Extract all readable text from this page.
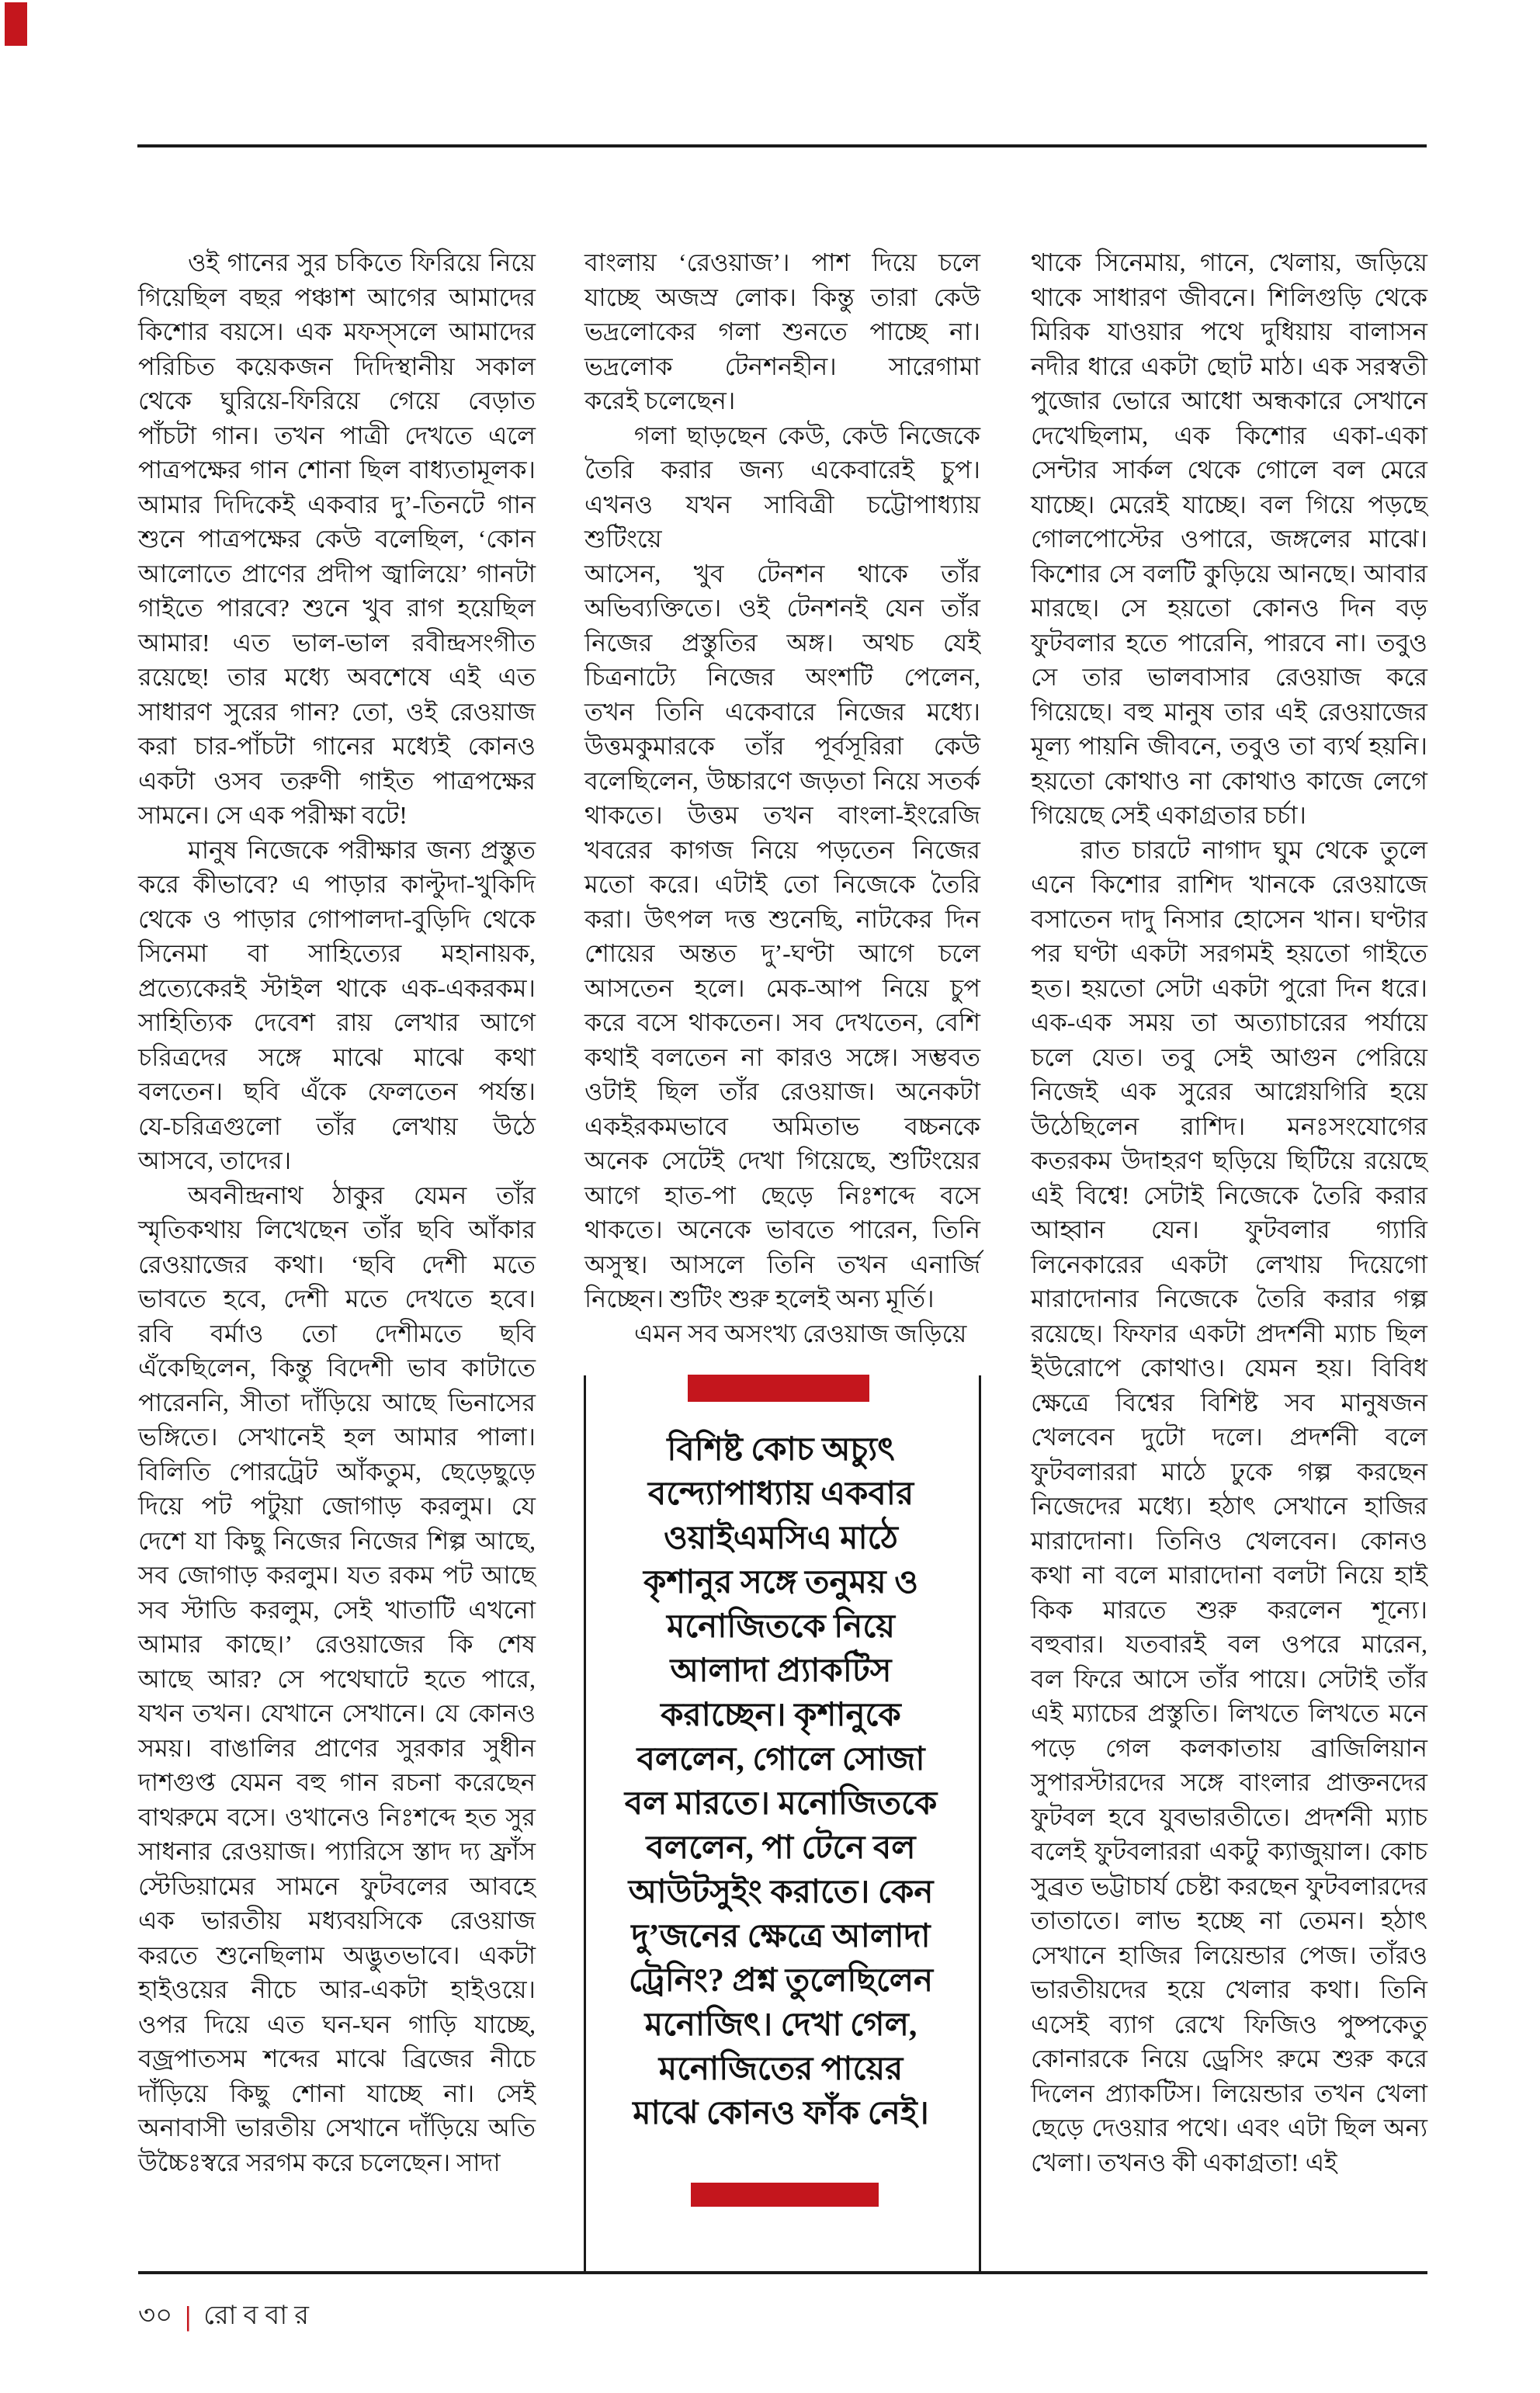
  ওই গানের সুর চকিতে ফিরিয়ে নিয়ে
গিয়েছিল বছর পঞ্চাশ আগের আমাদের
কিশোর বয়সে। এক মফস্সলে আমাদের
পরিচিত কয়েকজন দিদিস্থানীয় সকাল
থেকে ঘুরিয়ে-ফিরিয়ে গেয়ে বেড়াত
পাঁচটা গান। তখন পাত্রী দেখতে এলে
পাত্রপক্ষের গান শোনা ছিল বাধ্যতামূলক।
আমার দিদিকেই একবার দু’-তিনটে গান
শুনে পাত্রপক্ষের কেউ বলেছিল, ‘কোন
আলোতে প্রাণের প্রদীপ জ্বালিয়ে’ গানটা
গাইতে পারবে? শুনে খুব রাগ হয়েছিল
আমার! এত ভাল-ভাল রবীন্দ্রসংগীত
রয়েছে! তার মধ্যে অবশেষে এই এত
সাধারণ সুরের গান? তো, ওই রেওয়াজ
করা চার-পাঁচটা গানের মধ্যেই কোনও
একটা ওসব তরুণী গাইত পাত্রপক্ষের
সামনে। সে এক পরীক্ষা বটে!
  মানুষ নিজেকে পরীক্ষার জন্য প্রস্তুত
করে কীভাবে? এ পাড়ার কাল্টুদা-খুকিদি
থেকে ও পাড়ার গোপালদা-বুড়িদি থেকে
সিনেমা বা সাহিত্যের মহানায়ক,
প্রত্যেকেরই স্টাইল থাকে এক-একরকম।
সাহিত্যিক দেবেশ রায় লেখার আগে
চরিত্রদের সঙ্গে মাঝে মাঝে কথা
বলতেন। ছবি এঁকে ফেলতেন পর্যন্ত।
যে-চরিত্রগুলো তাঁর লেখায় উঠে
আসবে, তাদের।
  অবনীন্দ্রনাথ ঠাকুর যেমন তাঁর
স্মৃতিকথায় লিখেছেন তাঁর ছবি আঁকার
রেওয়াজের কথা। ‘ছবি দেশী মতে
ভাবতে হবে, দেশী মতে দেখতে হবে।
রবি বর্মাও তো দেশীমতে ছবি
এঁকেছিলেন, কিন্তু বিদেশী ভাব কাটাতে
পারেননি, সীতা দাঁড়িয়ে আছে ভিনাসের
ভঙ্গিতে। সেখানেই হল আমার পালা।
বিলিতি পোরট্রেট আঁকতুম, ছেড়েছুড়ে
দিয়ে পট পটুয়া জোগাড় করলুম। যে
দেশে যা কিছু নিজের নিজের শিল্প আছে,
সব জোগাড় করলুম। যত রকম পট আছে
সব স্টাডি করলুম, সেই খাতাটি এখনো
আমার কাছে।’ রেওয়াজের কি শেষ
আছে আর? সে পথেঘাটে হতে পারে,
যখন তখন। যেখানে সেখানে। যে কোনও
সময়। বাঙালির প্রাণের সুরকার সুধীন
দাশগুপ্ত যেমন বহু গান রচনা করেছেন
বাথরুমে বসে। ওখানেও নিঃশব্দে হত সুর
সাধনার রেওয়াজ। প্যারিসে স্তাদ দ্য ফ্রাঁস
স্টেডিয়ামের সামনে ফুটবলের আবহে
এক ভারতীয় মধ্যবয়সিকে রেওয়াজ
করতে শুনেছিলাম অদ্ভুতভাবে। একটা
হাইওয়ের নীচে আর-একটা হাইওয়ে।
ওপর দিয়ে এত ঘন-ঘন গাড়ি যাচ্ছে,
বজ্রপাতসম শব্দের মাঝে ব্রিজের নীচে
দাঁড়িয়ে কিছু শোনা যাচ্ছে না। সেই
অনাবাসী ভারতীয় সেখানে দাঁড়িয়ে অতি
উচ্চৈঃস্বরে সরগম করে চলেছেন। সাদা
বাংলায় ‘রেওয়াজ’। পাশ দিয়ে চলে
যাচ্ছে অজস্র লোক। কিন্তু তারা কেউ
ভদ্রলোকের গলা শুনতে পাচ্ছে না।
ভদ্রলোক টেনশনহীন। সারেগামা
করেই চলেছেন।
  গলা ছাড়ছেন কেউ, কেউ নিজেকে
তৈরি করার জন্য একেবারেই চুপ।
এখনও যখন সাবিত্রী চট্টোপাধ্যায় শুটিংয়ে
আসেন, খুব টেনশন থাকে তাঁর
অভিব্যক্তিতে। ওই টেনশনই যেন তাঁর
নিজের প্রস্তুতির অঙ্গ। অথচ যেই
চিত্রনাট্যে নিজের অংশটি পেলেন,
তখন তিনি একেবারে নিজের মধ্যে।
উত্তমকুমারকে তাঁর পূর্বসূরিরা কেউ
বলেছিলেন, উচ্চারণে জড়তা নিয়ে সতর্ক
থাকতে। উত্তম তখন বাংলা-ইংরেজি
খবরের কাগজ নিয়ে পড়তেন নিজের
মতো করে। এটাই তো নিজেকে তৈরি
করা। উৎপল দত্ত শুনেছি, নাটকের দিন
শোয়ের অন্তত দু’-ঘণ্টা আগে চলে
আসতেন হলে। মেক-আপ নিয়ে চুপ
করে বসে থাকতেন। সব দেখতেন, বেশি
কথাই বলতেন না কারও সঙ্গে। সম্ভবত
ওটাই ছিল তাঁর রেওয়াজ। অনেকটা
একইরকমভাবে অমিতাভ বচ্চনকে
অনেক সেটেই দেখা গিয়েছে, শুটিংয়ের
আগে হাত-পা ছেড়ে নিঃশব্দে বসে
থাকতে। অনেকে ভাবতে পারেন, তিনি
অসুস্থ। আসলে তিনি তখন এনার্জি
নিচ্ছেন। শুটিং শুরু হলেই অন্য মূর্তি।
  এমন সব অসংখ্য রেওয়াজ জড়িয়ে
থাকে সিনেমায়, গানে, খেলায়, জড়িয়ে
থাকে সাধারণ জীবনে। শিলিগুড়ি থেকে
মিরিক যাওয়ার পথে দুধিয়ায় বালাসন
নদীর ধারে একটা ছোট মাঠ। এক সরস্বতী
পুজোর ভোরে আধো অন্ধকারে সেখানে
দেখেছিলাম, এক কিশোর একা-একা
সেন্টার সার্কল থেকে গোলে বল মেরে
যাচ্ছে। মেরেই যাচ্ছে। বল গিয়ে পড়ছে
গোলপোস্টের ওপারে, জঙ্গলের মাঝে।
কিশোর সে বলটি কুড়িয়ে আনছে। আবার
মারছে। সে হয়তো কোনও দিন বড়
ফুটবলার হতে পারেনি, পারবে না। তবুও
সে তার ভালবাসার রেওয়াজ করে
গিয়েছে। বহু মানুষ তার এই রেওয়াজের
মূল্য পায়নি জীবনে, তবুও তা ব্যর্থ হয়নি।
হয়তো কোথাও না কোথাও কাজে লেগে
গিয়েছে সেই একাগ্রতার চর্চা।
  রাত চারটে নাগাদ ঘুম থেকে তুলে
এনে কিশোর রাশিদ খানকে রেওয়াজে
বসাতেন দাদু নিসার হোসেন খান। ঘণ্টার
পর ঘণ্টা একটা সরগমই হয়তো গাইতে
হত। হয়তো সেটা একটা পুরো দিন ধরে।
এক-এক সময় তা অত্যাচারের পর্যায়ে
চলে যেত। তবু সেই আগুন পেরিয়ে
নিজেই এক সুরের আগ্নেয়গিরি হয়ে
উঠেছিলেন রাশিদ। মনঃসংযোগের
কতরকম উদাহরণ ছড়িয়ে ছিটিয়ে রয়েছে
এই বিশ্বে! সেটাই নিজেকে তৈরি করার
আহ্বান যেন। ফুটবলার গ্যারি
লিনেকারের একটা লেখায় দিয়েগো
মারাদোনার নিজেকে তৈরি করার গল্প
রয়েছে। ফিফার একটা প্রদর্শনী ম্যাচ ছিল
ইউরোপে কোথাও। যেমন হয়। বিবিধ
ক্ষেত্রে বিশ্বের বিশিষ্ট সব মানুষজন
খেলবেন দুটো দলে। প্রদর্শনী বলে
ফুটবলাররা মাঠে ঢুকে গল্প করছেন
নিজেদের মধ্যে। হঠাৎ সেখানে হাজির
মারাদোনা। তিনিও খেলবেন। কোনও
কথা না বলে মারাদোনা বলটা নিয়ে হাই
কিক মারতে শুরু করলেন শূন্যে।
বহুবার। যতবারই বল ওপরে মারেন,
বল ফিরে আসে তাঁর পায়ে। সেটাই তাঁর
এই ম্যাচের প্রস্তুতি। লিখতে লিখতে মনে
পড়ে গেল কলকাতায় ব্রাজিলিয়ান
সুপারস্টারদের সঙ্গে বাংলার প্রাক্তনদের
ফুটবল হবে যুবভারতীতে। প্রদর্শনী ম্যাচ
বলেই ফুটবলাররা একটু ক্যাজুয়াল। কোচ
সুব্রত ভট্টাচার্য চেষ্টা করছেন ফুটবলারদের
তাতাতে। লাভ হচ্ছে না তেমন। হঠাৎ
সেখানে হাজির লিয়েন্ডার পেজ। তাঁরও
ভারতীয়দের হয়ে খেলার কথা। তিনি
এসেই ব্যাগ রেখে ফিজিও পুষ্পকেতু
কোনারকে নিয়ে ড্রেসিং রুমে শুরু করে
দিলেন প্র্যাকটিস। লিয়েন্ডার তখন খেলা
ছেড়ে দেওয়ার পথে। এবং এটা ছিল অন্য
খেলা। তখনও কী একাগ্রতা! এই
বিশিষ্ট কোচ অচ্যুৎ
বন্দ্যোপাধ্যায় একবার
ওয়াইএমসিএ মাঠে
কৃশানুর সঙ্গে তনুময় ও
মনোজিতকে নিয়ে
আলাদা প্র্যাকটিস
করাচ্ছেন। কৃশানুকে
বললেন, গোলে সোজা
বল মারতে। মনোজিতকে
বললেন, পা টেনে বল
আউটসুইং করাতে। কেন
দু’জনের ক্ষেত্রে আলাদা
ট্রেনিং? প্রশ্ন তুলেছিলেন
মনোজিৎ। দেখা গেল,
মনোজিতের পায়ের
মাঝে কোনও ফাঁক নেই।
৩০ | রোববার
